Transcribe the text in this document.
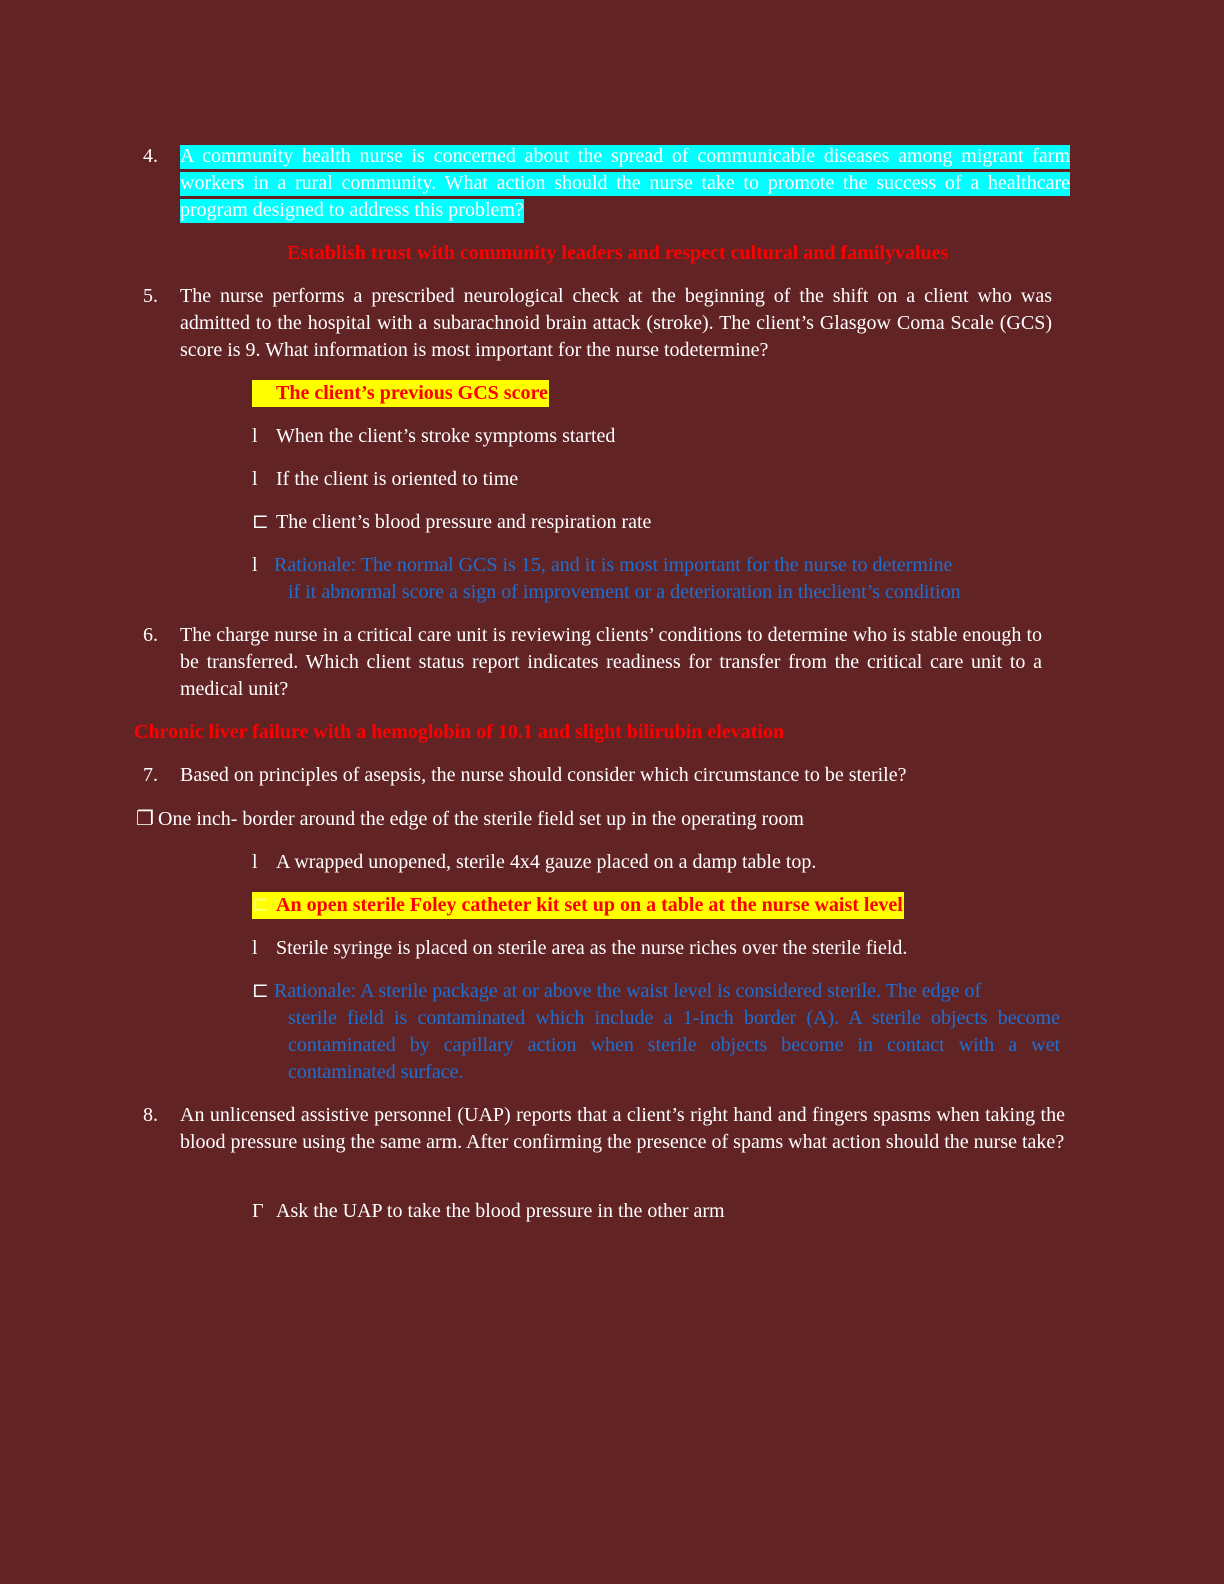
4.	A community health nurse is concerned about the spread of communicable diseases among migrant farm workers in a rural community. What action should the nurse take to promote the success of a healthcare program designed to address this problem?
Establish trust with community leaders and respect cultural and familyvalues
5.	The nurse performs a prescribed neurological check at the beginning of the shift on a client who was admitted to the hospital with a subarachnoid brain attack (stroke). The client’s Glasgow Coma Scale (GCS) score is 9. What information is most important for the nurse todetermine?
The client’s previous GCS score
l When the client’s stroke symptoms started
l If the client is oriented to time
⊏ The client’s blood pressure and respiration rate
l Rationale: The normal GCS is 15, and it is most important for the nurse to determine
if it abnormal score a sign of improvement or a deterioration in theclient’s condition
6.	The charge nurse in a critical care unit is reviewing clients’ conditions to determine who is stable enough to be transferred. Which client status report indicates readiness for transfer from the critical care unit to a medical unit?
Chronic liver failure with a hemoglobin of 10.1 and slight bilirubin elevation
7.	Based on principles of asepsis, the nurse should consider which circumstance to be sterile?
❐ One inch- border around the edge of the sterile field set up in the operating room
l A wrapped unopened, sterile 4x4 gauze placed on a damp table top.
⊏ An open sterile Foley catheter kit set up on a table at the nurse waist level
l Sterile syringe is placed on sterile area as the nurse riches over the sterile field.
⊏ Rationale: A sterile package at or above the waist level is considered sterile. The edge of
sterile field is contaminated which include a 1-inch border (A). A sterile objects become contaminated by capillary action when sterile objects become in contact with a wet contaminated surface.
8.	An unlicensed assistive personnel (UAP) reports that a client’s right hand and fingers spasms when taking the blood pressure using the same arm. After confirming the presence of spams what action should the nurse take?
Γ Ask the UAP to take the blood pressure in the other arm
